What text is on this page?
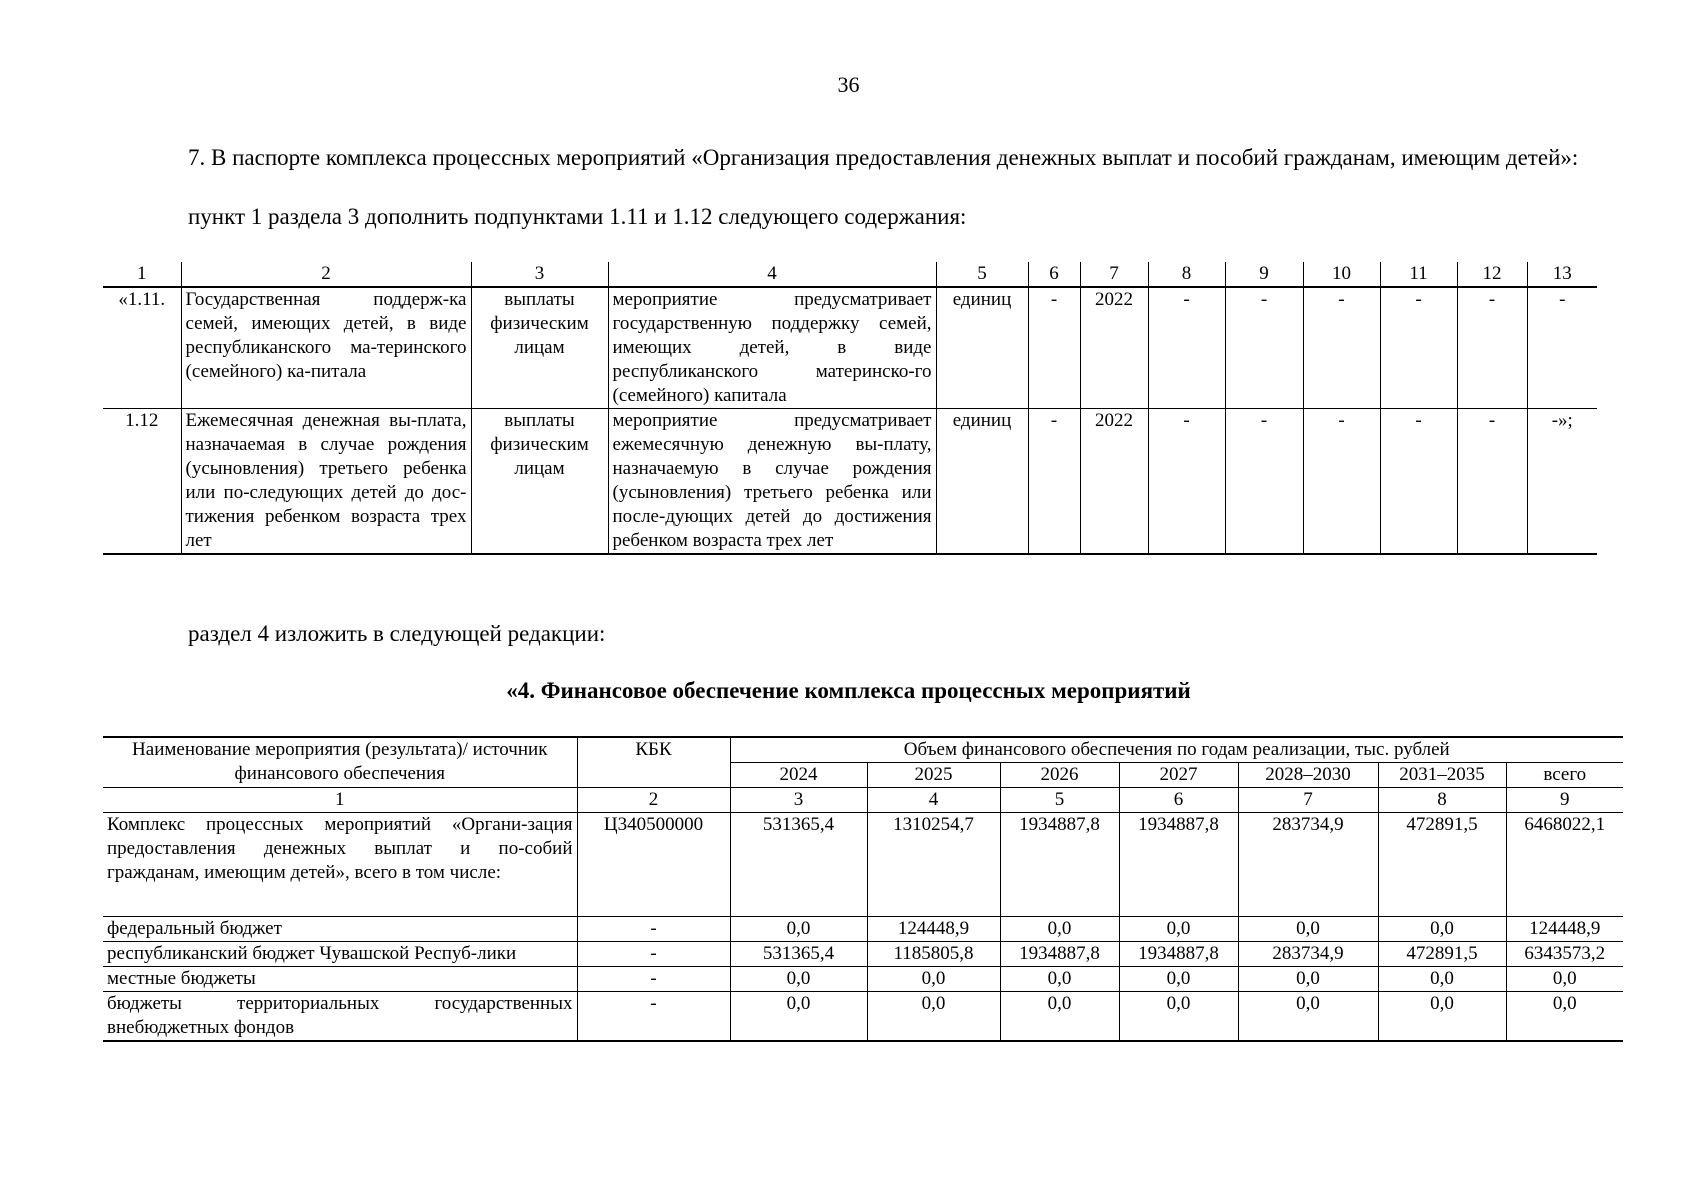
36
7. В паспорте комплекса процессных мероприятий «Организация предоставления денежных выплат и пособий гражданам, имеющим детей»:
пункт 1 раздела 3 дополнить подпунктами 1.11 и 1.12 следующего содержания:
1	2	3	4	5	6	7	8	9	10	11	12	13
«1.11.	Государственная поддерж-ка семей, имеющих детей, в виде республиканского ма-теринского (семейного) ка-питала	выплаты физическим лицам	мероприятие предусматривает государственную поддержку семей, имеющих детей, в виде республиканского материнско-го (семейного) капитала	единиц	-	2022	-	-	-	-	-	-
1.12	Ежемесячная денежная вы-плата, назначаемая в случае рождения (усыновления) третьего ребенка или по-следующих детей до дос-тижения ребенком возраста трех лет	выплаты физическим лицам	мероприятие предусматривает ежемесячную денежную вы-плату, назначаемую в случае рождения (усыновления) третьего ребенка или после-дующих детей до достижения ребенком возраста трех лет	единиц	-	2022	-	-	-	-	-	-»;
раздел 4 изложить в следующей редакции:
«4. Финансовое обеспечение комплекса процессных мероприятий
Наименование мероприятия (результата)/ источник финансового обеспечения	КБК	Объем финансового обеспечения по годам реализации, тыс. рублей						
		2024	2025	2026	2027	2028–2030	2031–2035	всего
1	2	3	4	5	6	7	8	9
Комплекс процессных мероприятий «Органи-зация предоставления денежных выплат и по-собий гражданам, имеющим детей», всего в том числе:	Ц340500000	531365,4	1310254,7	1934887,8	1934887,8	283734,9	472891,5	6468022,1
федеральный бюджет	-	0,0	124448,9	0,0	0,0	0,0	0,0	124448,9
республиканский бюджет Чувашской Респуб-лики	-	531365,4	1185805,8	1934887,8	1934887,8	283734,9	472891,5	6343573,2
местные бюджеты	-	0,0	0,0	0,0	0,0	0,0	0,0	0,0
бюджеты территориальных государственных внебюджетных фондов	-	0,0	0,0	0,0	0,0	0,0	0,0	0,0
